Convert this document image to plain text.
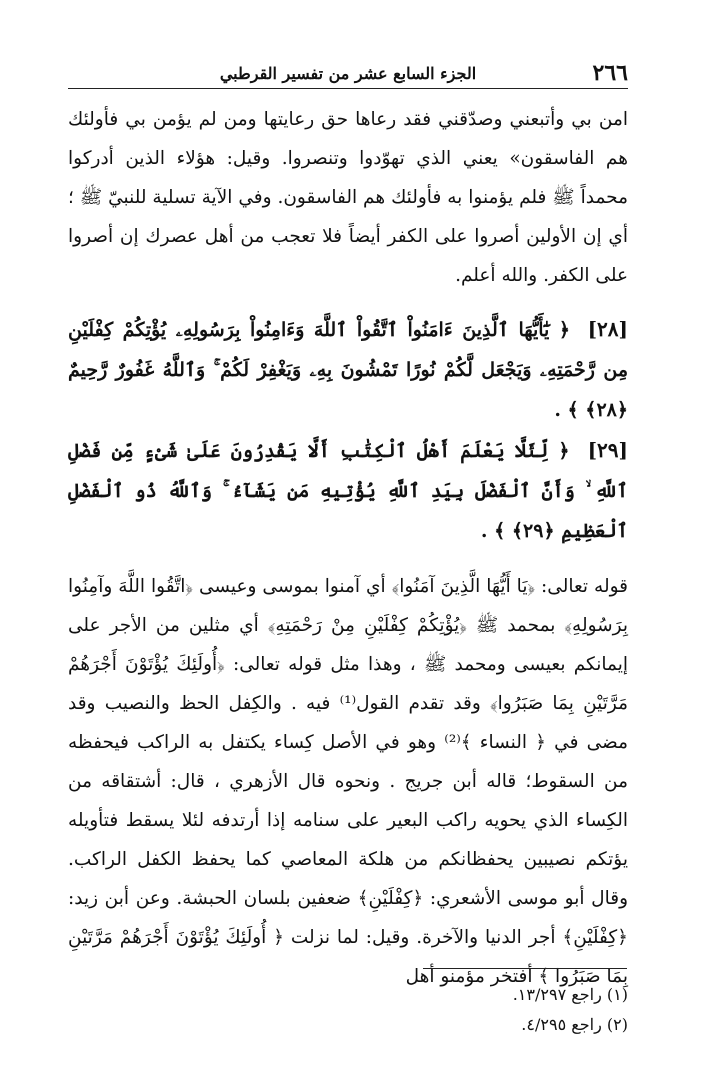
٢٦٦
الجزء السابع عشر من تفسير القرطبي

امن بي وأتبعني وصدّقني فقد رعاها حق رعايتها ومن لم يؤمن بي فأولئك هم الفاسقون» يعني الذي تهوّدوا وتنصروا. وقيل: هؤلاء الذين أدركوا محمداً ﷺ فلم يؤمنوا به فأولئك هم الفاسقون. وفي الآية تسلية للنبيّ ﷺ ؛ أي إن الأولين أصروا على الكفر أيضاً فلا تعجب من أهل عصرك إن أصروا على الكفر. والله أعلم.

[٢٨] ﴿ يَٰٓأَيُّهَا ٱلَّذِينَ ءَامَنُواْ ٱتَّقُواْ ٱللَّهَ وَءَامِنُواْ بِرَسُولِهِۦ يُؤْتِكُمْ كِفْلَيْنِ مِن رَّحْمَتِهِۦ وَيَجْعَل لَّكُمْ نُورًا تَمْشُونَ بِهِۦ وَيَغْفِرْ لَكُمْ ۚ وَٱللَّهُ غَفُورٌ رَّحِيمٌ ﴿٢٨﴾ ﴾ .

[٢٩] ﴿ لِّئَلَّا يَعْلَمَ أَهْلُ ٱلْكِتَٰبِ أَلَّا يَقْدِرُونَ عَلَىٰ شَىْءٍ مِّن فَضْلِ ٱللَّهِ ۙ وَأَنَّ ٱلْفَضْلَ بِيَدِ ٱللَّهِ يُؤْتِيهِ مَن يَشَآءُ ۚ وَٱللَّهُ ذُو ٱلْفَضْلِ ٱلْعَظِيمِ ﴿٢٩﴾ ﴾ .

قوله تعالى: ﴿يَا أَيُّهَا الَّذِينَ آمَنُوا﴾ أي آمنوا بموسى وعيسى ﴿اتَّقُوا اللَّهَ وآمِنُوا بِرَسُولِهِ﴾ بمحمد ﷺ ﴿يُؤْتِكُمْ كِفْلَيْنِ مِنْ رَحْمَتِهِ﴾ أي مثلين من الأجر على إيمانكم بعيسى ومحمد ﷺ ، وهذا مثل قوله تعالى: ﴿أُولَئِكَ يُؤْتَوْنَ أَجْرَهُمْ مَرَّتَيْنِ بِمَا صَبَرُوا﴾ وقد تقدم القول⁽¹⁾ فيه . والكِفل الحظ والنصيب وقد مضى في ﴿ النساء ﴾⁽²⁾ وهو في الأصل كِساء يكتفل به الراكب فيحفظه من السقوط؛ قاله أبن جريج . ونحوه قال الأزهري ، قال: أشتقاقه من الكِساء الذي يحويه راكب البعير على سنامه إذا أرتدفه لئلا يسقط فتأويله يؤتكم نصيبين يحفظانكم من هلكة المعاصي كما يحفظ الكفل الراكب. وقال أبو موسى الأشعري: ﴿كِفْلَيْنِ﴾ ضعفين بلسان الحبشة. وعن أبن زيد: ﴿كِفْلَيْنِ﴾ أجر الدنيا والآخرة. وقيل: لما نزلت ﴿ أُولَئِكَ يُؤْتَوْنَ أَجْرَهُمْ مَرَّتَيْنِ بِمَا صَبَرُوا ﴾ أفتخر مؤمنو أهل

(١) راجع ١٣/٢٩٧.

(٢) راجع ٤/٢٩٥.
